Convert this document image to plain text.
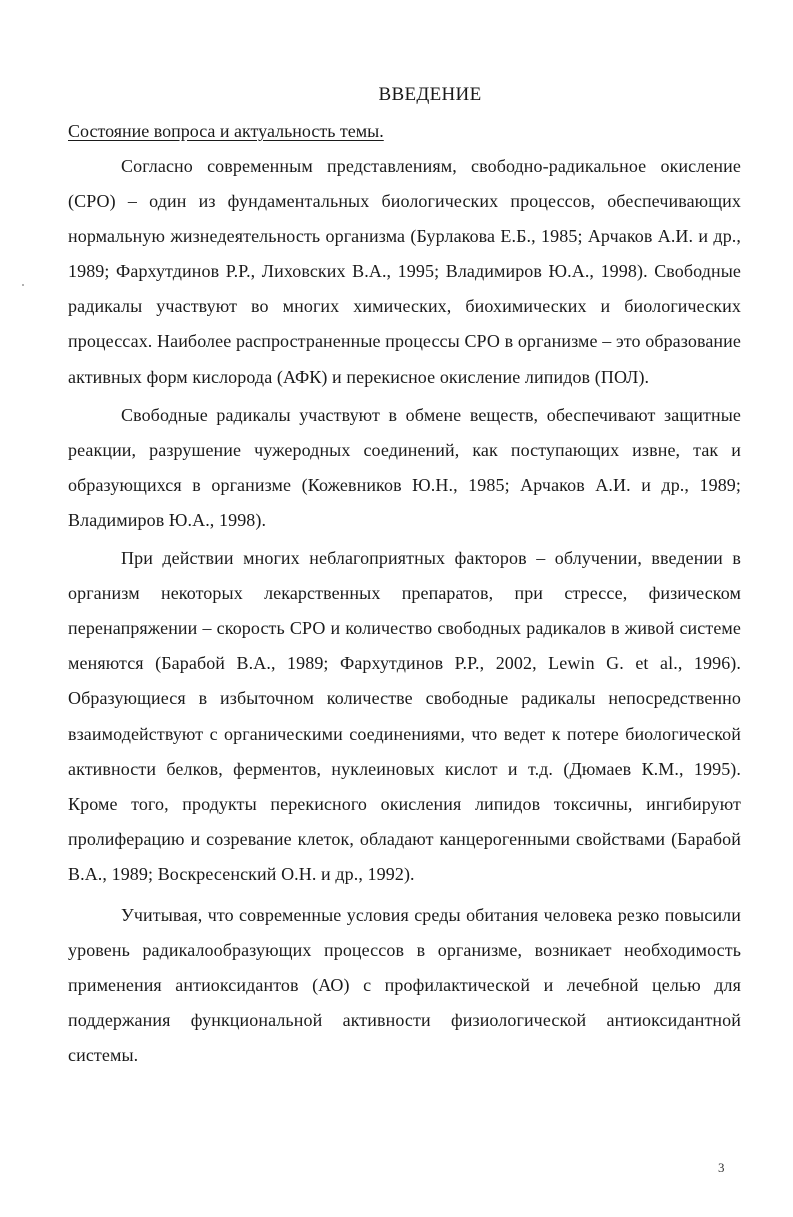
ВВЕДЕНИЕ
Состояние вопроса и актуальность темы.

Согласно современным представлениям, свободно-радикальное окисление (СРО) – один из фундаментальных биологических процессов, обеспечивающих нормальную жизнедеятельность организма (Бурлакова Е.Б., 1985; Арчаков А.И. и др., 1989; Фархутдинов Р.Р., Лиховских В.А., 1995; Владимиров Ю.А., 1998). Свободные радикалы участвуют во многих химических, биохимических и биологических процессах. Наиболее распространенные процессы СРО в организме – это образование активных форм кислорода (АФК) и перекисное окисление липидов (ПОЛ).

Свободные радикалы участвуют в обмене веществ, обеспечивают защитные реакции, разрушение чужеродных соединений, как поступающих извне, так и образующихся в организме (Кожевников Ю.Н., 1985; Арчаков А.И. и др., 1989; Владимиров Ю.А., 1998).

При действии многих неблагоприятных факторов – облучении, введении в организм некоторых лекарственных препаратов, при стрессе, физическом перенапряжении – скорость СРО и количество свободных радикалов в живой системе меняются (Барабой В.А., 1989; Фархутдинов Р.Р., 2002, Lewin G. et al., 1996). Образующиеся в избыточном количестве свободные радикалы непосредственно взаимодействуют с органическими соединениями, что ведет к потере биологической активности белков, ферментов, нуклеиновых кислот и т.д. (Дюмаев К.М., 1995). Кроме того, продукты перекисного окисления липидов токсичны, ингибируют пролиферацию и созревание клеток, обладают канцерогенными свойствами (Барабой В.А., 1989; Воскресенский О.Н. и др., 1992).

Учитывая, что современные условия среды обитания человека резко повысили уровень радикалообразующих процессов в организме, возникает необходимость применения антиоксидантов (АО) с профилактической и лечебной целью для поддержания функциональной активности физиологической антиоксидантной системы.

3
